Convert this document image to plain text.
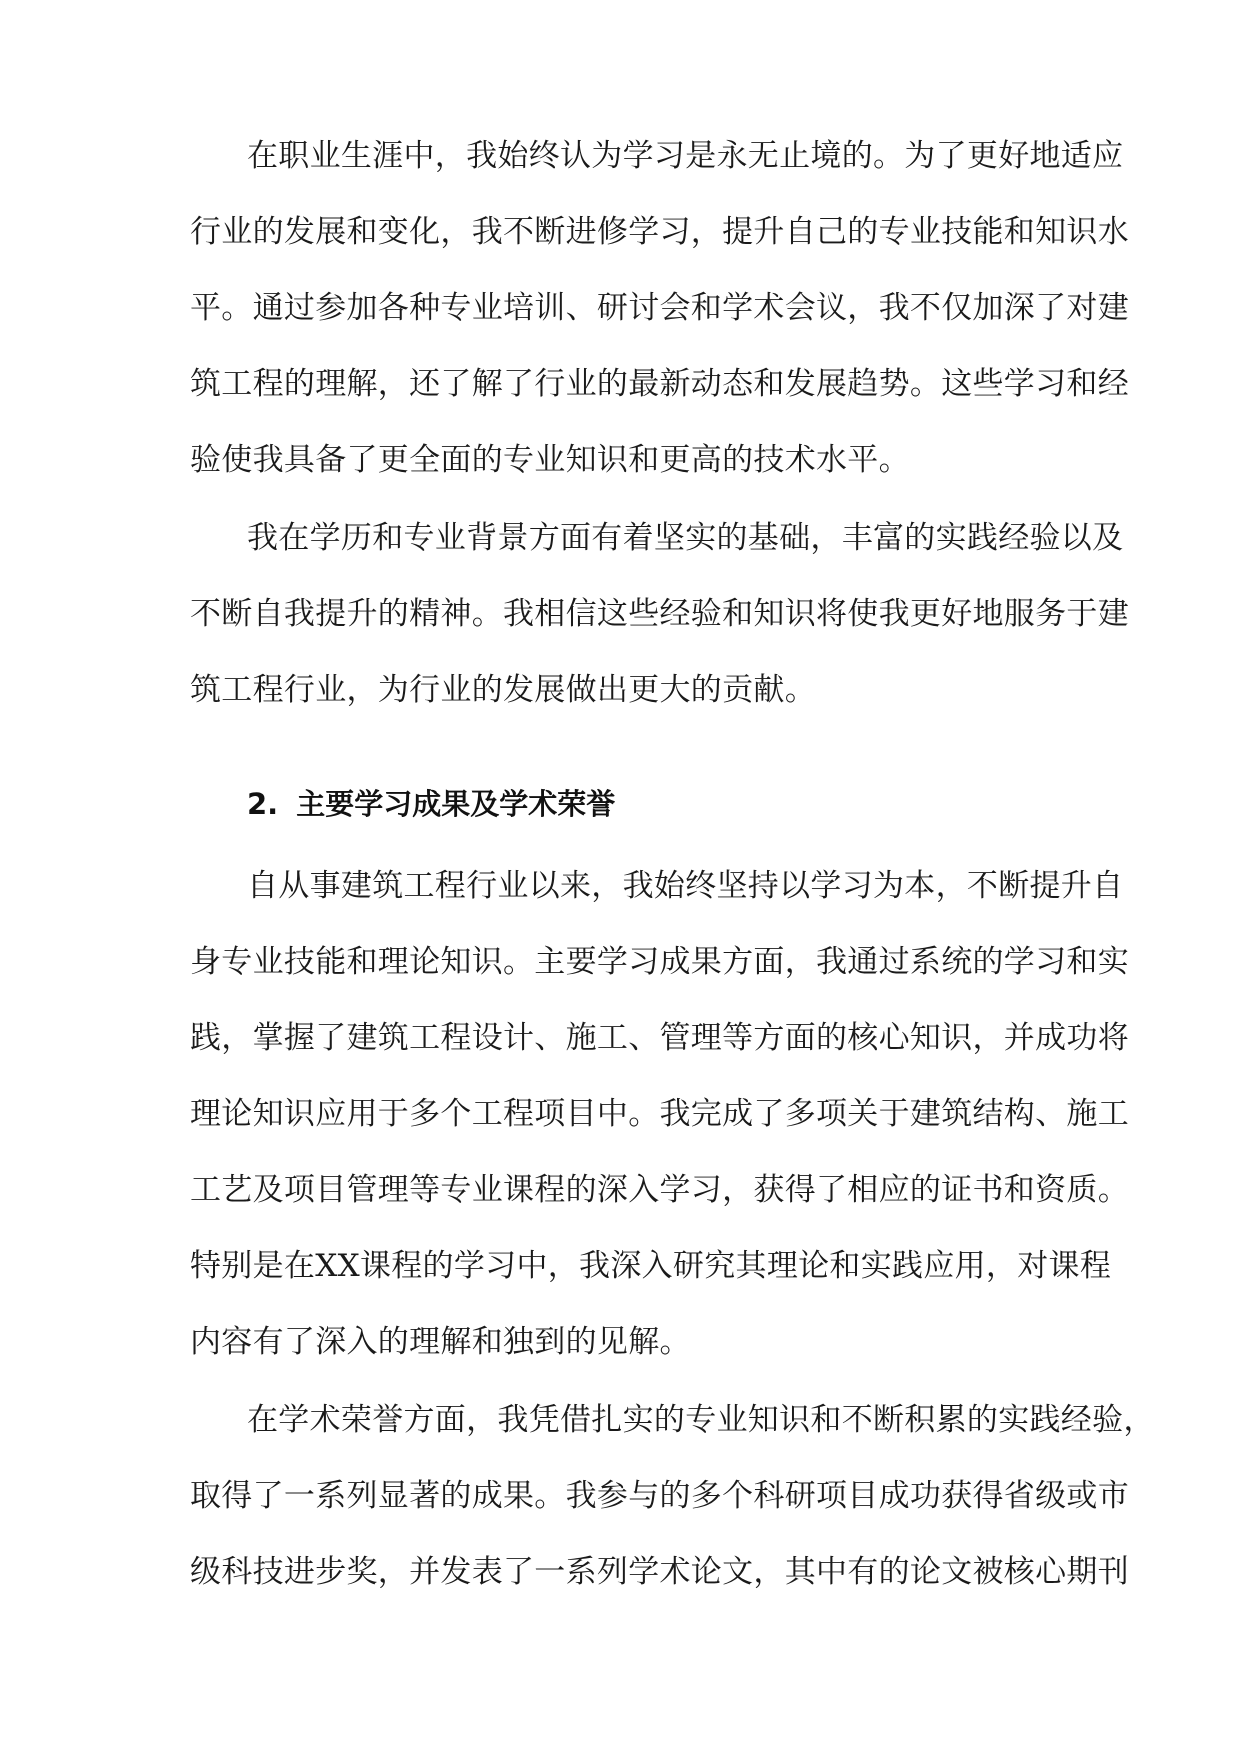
在职业生涯中，我始终认为学习是永无止境的。为了更好地适应
行业的发展和变化，我不断进修学习，提升自己的专业技能和知识水
平。通过参加各种专业培训、研讨会和学术会议，我不仅加深了对建
筑工程的理解，还了解了行业的最新动态和发展趋势。这些学习和经
验使我具备了更全面的专业知识和更高的技术水平。
我在学历和专业背景方面有着坚实的基础，丰富的实践经验以及
不断自我提升的精神。我相信这些经验和知识将使我更好地服务于建
筑工程行业，为行业的发展做出更大的贡献。
2. 主要学习成果及学术荣誉
自从事建筑工程行业以来，我始终坚持以学习为本，不断提升自
身专业技能和理论知识。主要学习成果方面，我通过系统的学习和实
践，掌握了建筑工程设计、施工、管理等方面的核心知识，并成功将
理论知识应用于多个工程项目中。我完成了多项关于建筑结构、施工
工艺及项目管理等专业课程的深入学习，获得了相应的证书和资质。
特别是在XX课程的学习中，我深入研究其理论和实践应用，对课程
内容有了深入的理解和独到的见解。
在学术荣誉方面，我凭借扎实的专业知识和不断积累的实践经验，
取得了一系列显著的成果。我参与的多个科研项目成功获得省级或市
级科技进步奖，并发表了一系列学术论文，其中有的论文被核心期刊
